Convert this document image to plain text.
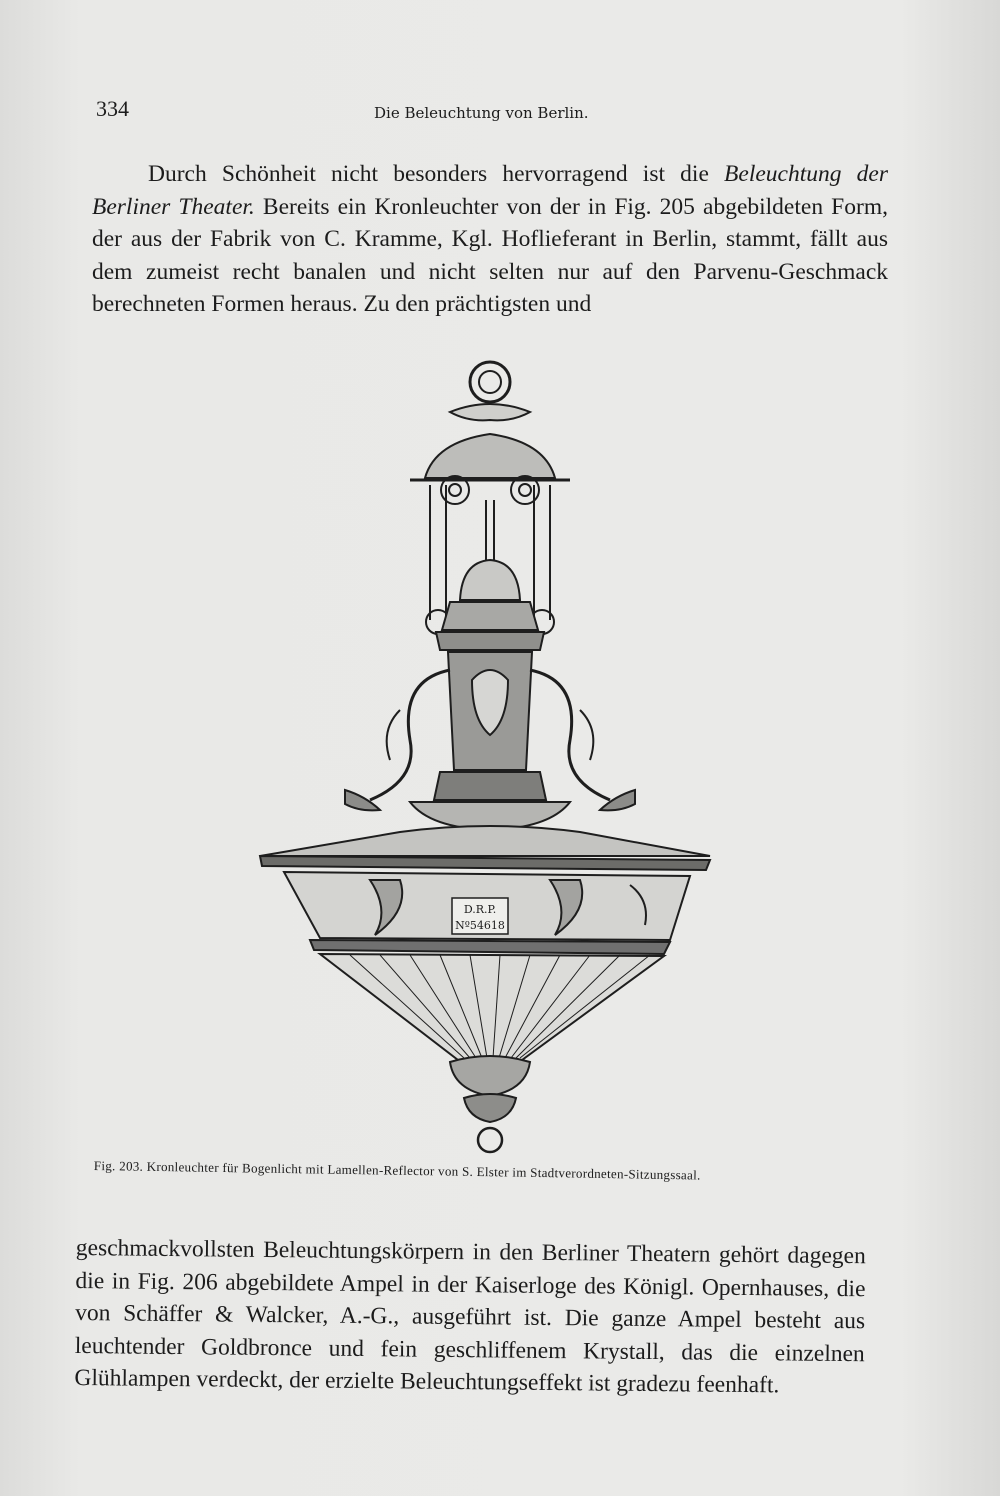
334	Die Beleuchtung von Berlin.
Durch Schönheit nicht besonders hervorragend ist die Beleuchtung der Berliner Theater. Bereits ein Kronleuchter von der in Fig. 205 abgebildeten Form, der aus der Fabrik von C. Kramme, Kgl. Hoflieferant in Berlin, stammt, fällt aus dem zumeist recht banalen und nicht selten nur auf den Parvenu-Geschmack berechneten Formen heraus. Zu den prächtigsten und
D.R.P.
Nº54618
Fig. 203. Kronleuchter für Bogenlicht mit Lamellen-Reflector von S. Elster im Stadtverordneten-Sitzungssaal.
geschmackvollsten Beleuchtungskörpern in den Berliner Theatern gehört dagegen die in Fig. 206 abgebildete Ampel in der Kaiserloge des Königl. Opernhauses, die von Schäffer & Walcker, A.-G., ausgeführt ist. Die ganze Ampel besteht aus leuchtender Goldbronce und fein geschliffenem Krystall, das die einzelnen Glühlampen verdeckt, der erzielte Beleuchtungseffekt ist gradezu feenhaft.
